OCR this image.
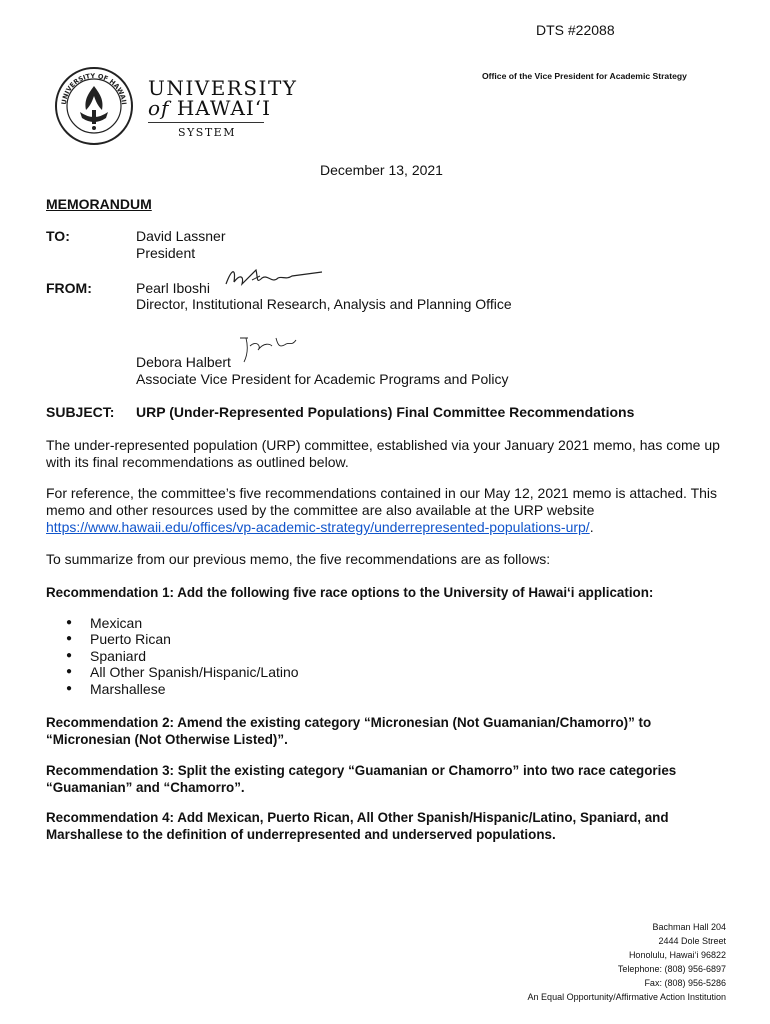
DTS #22088
Office of the Vice President for Academic Strategy
UNIVERSITY OF HAWAII
UNIVERSITY
of HAWAIʻI
SYSTEM
December 13, 2021
MEMORANDUM
TO:	David Lassner
President
FROM:	Pearl Iboshi
Director, Institutional Research, Analysis and Planning Office
Debora Halbert
Associate Vice President for Academic Programs and Policy
SUBJECT: URP (Under-Represented Populations) Final Committee Recommendations
The under-represented population (URP) committee, established via your January 2021 memo, has come up with its final recommendations as outlined below.
For reference, the committee’s five recommendations contained in our May 12, 2021 memo is attached. This memo and other resources used by the committee are also available at the URP website https://www.hawaii.edu/offices/vp-academic-strategy/underrepresented-populations-urp/.
To summarize from our previous memo, the five recommendations are as follows:
Recommendation 1: Add the following five race options to the University of Hawaiʻi application:
● Mexican
● Puerto Rican
● Spaniard
● All Other Spanish/Hispanic/Latino
● Marshallese
Recommendation 2: Amend the existing category “Micronesian (Not Guamanian/Chamorro)” to “Micronesian (Not Otherwise Listed)”.
Recommendation 3: Split the existing category “Guamanian or Chamorro” into two race categories “Guamanian” and “Chamorro”.
Recommendation 4: Add Mexican, Puerto Rican, All Other Spanish/Hispanic/Latino, Spaniard, and Marshallese to the definition of underrepresented and underserved populations.
Bachman Hall 204
2444 Dole Street
Honolulu, Hawaiʻi 96822
Telephone: (808) 956-6897
Fax: (808) 956-5286
An Equal Opportunity/Affirmative Action Institution
